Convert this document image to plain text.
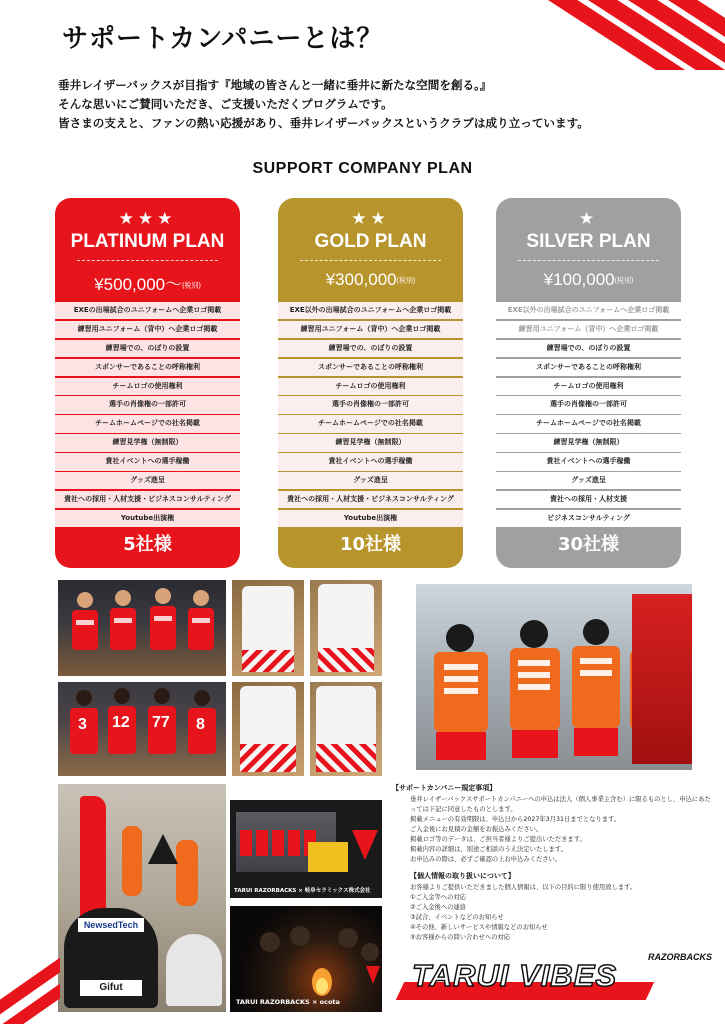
サポートカンパニーとは？
垂井レイザーバックスが目指す『地域の皆さんと一緒に垂井に新たな空間を創る。』
そんな思いにご賛同いただき、ご支援いただくプログラムです。
皆さまの支えと、ファンの熱い応援があり、垂井レイザーバックスというクラブは成り立っています。
SUPPORT COMPANY PLAN
★★★
PLATINUM PLAN
¥500,000〜(税別)
EXEの出場試合のユニフォームへ企業ロゴ掲載
練習用ユニフォーム（背中）へ企業ロゴ掲載
練習場での、のぼりの設置
スポンサーであることの呼称権利
チームロゴの使用権利
選手の肖像権の一部許可
チームホームページでの社名掲載
練習見学権（無制限）
貴社イベントへの選手稼働
グッズ進呈
貴社への採用・人材支援・ビジネスコンサルティング
Youtube出演権
5社様
★★
GOLD PLAN
¥300,000(税別)
EXE以外の出場試合のユニフォームへ企業ロゴ掲載
練習用ユニフォーム（背中）へ企業ロゴ掲載
練習場での、のぼりの設置
スポンサーであることの呼称権利
チームロゴの使用権利
選手の肖像権の一部許可
チームホームページでの社名掲載
練習見学権（無制限）
貴社イベントへの選手稼働
グッズ進呈
貴社への採用・人材支援・ビジネスコンサルティング
Youtube出演権
10社様
★
SILVER PLAN
¥100,000(税別)
EXE以外の出場試合のユニフォームへ企業ロゴ掲載
練習用ユニフォーム（背中）へ企業ロゴ掲載
練習場での、のぼりの設置
スポンサーであることの呼称権利
チームロゴの使用権利
選手の肖像権の一部許可
チームホームページでの社名掲載
練習見学権（無制限）
貴社イベントへの選手稼働
グッズ進呈
貴社への採用・人材支援
ビジネスコンサルティング
30社様
3 12 77 8
NewsedTech
Gifut
TARUI RAZORBACKS × 岐阜セラミックス株式会社
TARUI RAZORBACKS × ocota
【サポートカンパニー規定事項】
垂井レイザーバックスサポートカンパニーへの申込は法人（個人事業主含む）に限るものとし、申込にあたっては下記に同意したものとします。
掲載メニューの有効期限は、申込日から2027年3月31日までとなります。
ご入金後にお見積の金額をお振込みください。
掲載ロゴ等のデータは、ご担当者様よりご提出いただきます。
掲載内容の詳細は、別途ご相談のうえ決定いたします。
お申込みの際は、必ずご確認の上お申込みください。
【個人情報の取り扱いについて】
お客様よりご提供いただきました個人情報は、以下の目的に限り使用致します。
①ご入金等への対応
②ご入金後への連絡
③試合、イベントなどのお知らせ
④その他、新しいサービスや情報などのお知らせ
⑤お客様からの問い合わせへの対応
TARUI VIBES
RAZORBACKS
